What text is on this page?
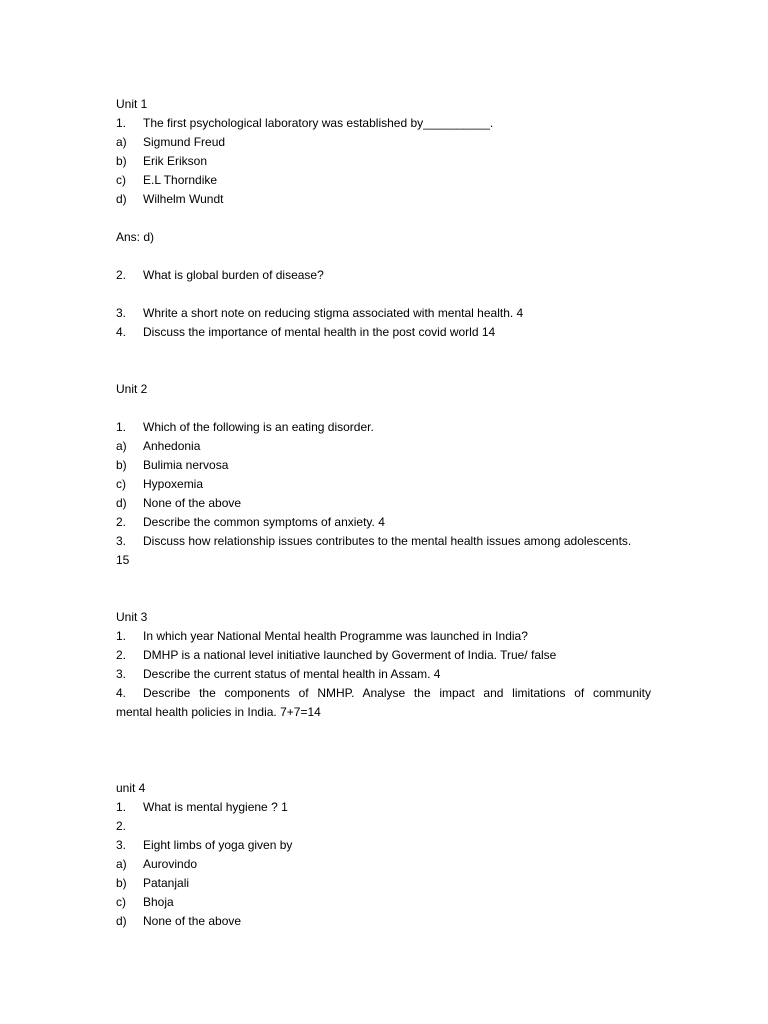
Unit 1
1. The first psychological laboratory was established by__________.
a) Sigmund Freud
b) Erik Erikson
c) E.L Thorndike
d) Wilhelm Wundt
Ans: d)
2. What is global burden of disease?
3. Whrite a short note on reducing stigma associated with mental health. 4
4. Discuss the importance of mental health in the post covid world 14
Unit 2
1. Which of the following is an eating disorder.
a) Anhedonia
b) Bulimia nervosa
c) Hypoxemia
d) None of the above
2. Describe the common symptoms of anxiety. 4
3. Discuss how relationship issues contributes to the mental health issues among adolescents.
15
Unit 3
1. In which year National Mental health Programme was launched in India?
2. DMHP is a national level initiative launched by Goverment of India. True/ false
3. Describe the current status of mental health in Assam. 4
4. Describe the components of NMHP. Analyse the impact and limitations of community
mental health policies in India. 7+7=14
unit 4
1. What is mental hygiene ? 1
2.
3. Eight limbs of yoga given by
a) Aurovindo
b) Patanjali
c) Bhoja
d) None of the above
